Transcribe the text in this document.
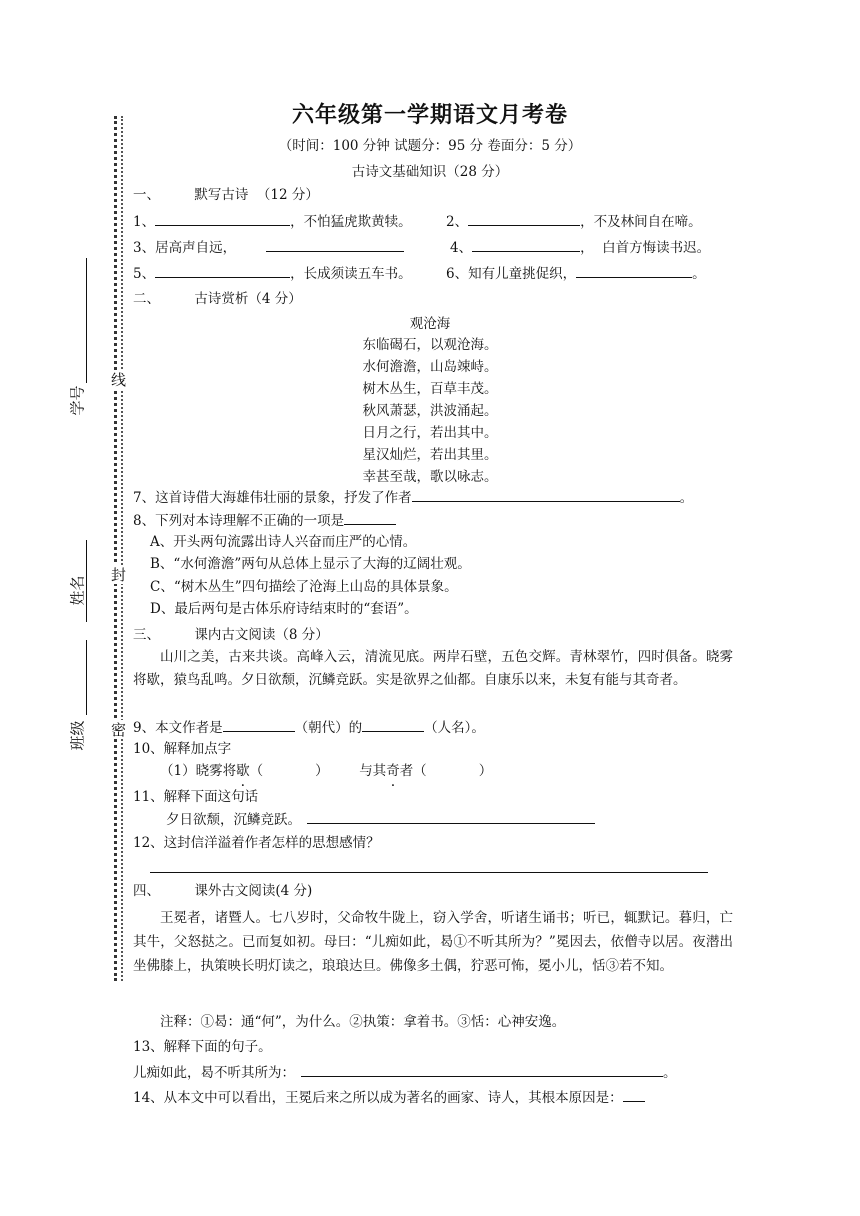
线
封
密
学号
姓名
班级
六年级第一学期语文月考卷
（时间：100 分钟 试题分：95 分 卷面分：5 分）
古诗文基础知识（28 分）
一、        默写古诗  （12 分）
1、	，不怕猛虎欺黄犊。	2、	，不及林间自在啼。
3、居高声自远，	4、	，  白首方悔读书迟。
5、	，长成须读五车书。	6、知有儿童挑促织，	。
二、        古诗赏析（4 分）
观沧海
东临碣石，以观沧海。
水何澹澹，山岛竦峙。
树木丛生，百草丰茂。
秋风萧瑟，洪波涌起。
日月之行，若出其中。
星汉灿烂，若出其里。
幸甚至哉，歌以咏志。
7、这首诗借大海雄伟壮丽的景象，抒发了作者	。
8、下列对本诗理解不正确的一项是
A、开头两句流露出诗人兴奋而庄严的心情。
B、“水何澹澹”两句从总体上显示了大海的辽阔壮观。
C、“树木丛生”四句描绘了沧海上山岛的具体景象。
D、最后两句是古体乐府诗结束时的“套语”。
三、        课内古文阅读（8 分）
山川之美，古来共谈。高峰入云，清流见底。两岸石壁，五色交辉。青林翠竹，四时俱备。晓雾将歇，猿鸟乱鸣。夕日欲颓，沉鳞竞跃。实是欲界之仙都。自康乐以来，未复有能与其奇者。
9、本文作者是	（朝代）的	（人名）。
10、解释加点字
（1）晓雾将歇（	） 与其奇者（	）
11、解释下面这句话
夕日欲颓，沉鳞竞跃。
12、这封信洋溢着作者怎样的思想感情？
四、        课外古文阅读(4 分)
王冕者，诸暨人。七八岁时，父命牧牛陇上，窃入学舍，听诸生诵书；听已，辄默记。暮归，亡其牛，父怒挞之。已而复如初。母曰：“儿痴如此，曷①不听其所为？”冕因去，依僧寺以居。夜潜出坐佛膝上，执策映长明灯读之，琅琅达旦。佛像多土偶，狞恶可怖，冕小儿，恬③若不知。
注释：①曷：通“何”，为什么。②执策：拿着书。③恬：心神安逸。
13、解释下面的句子。
儿痴如此，曷不听其所为：	。
14、从本文中可以看出，王冕后来之所以成为著名的画家、诗人，其根本原因是：
